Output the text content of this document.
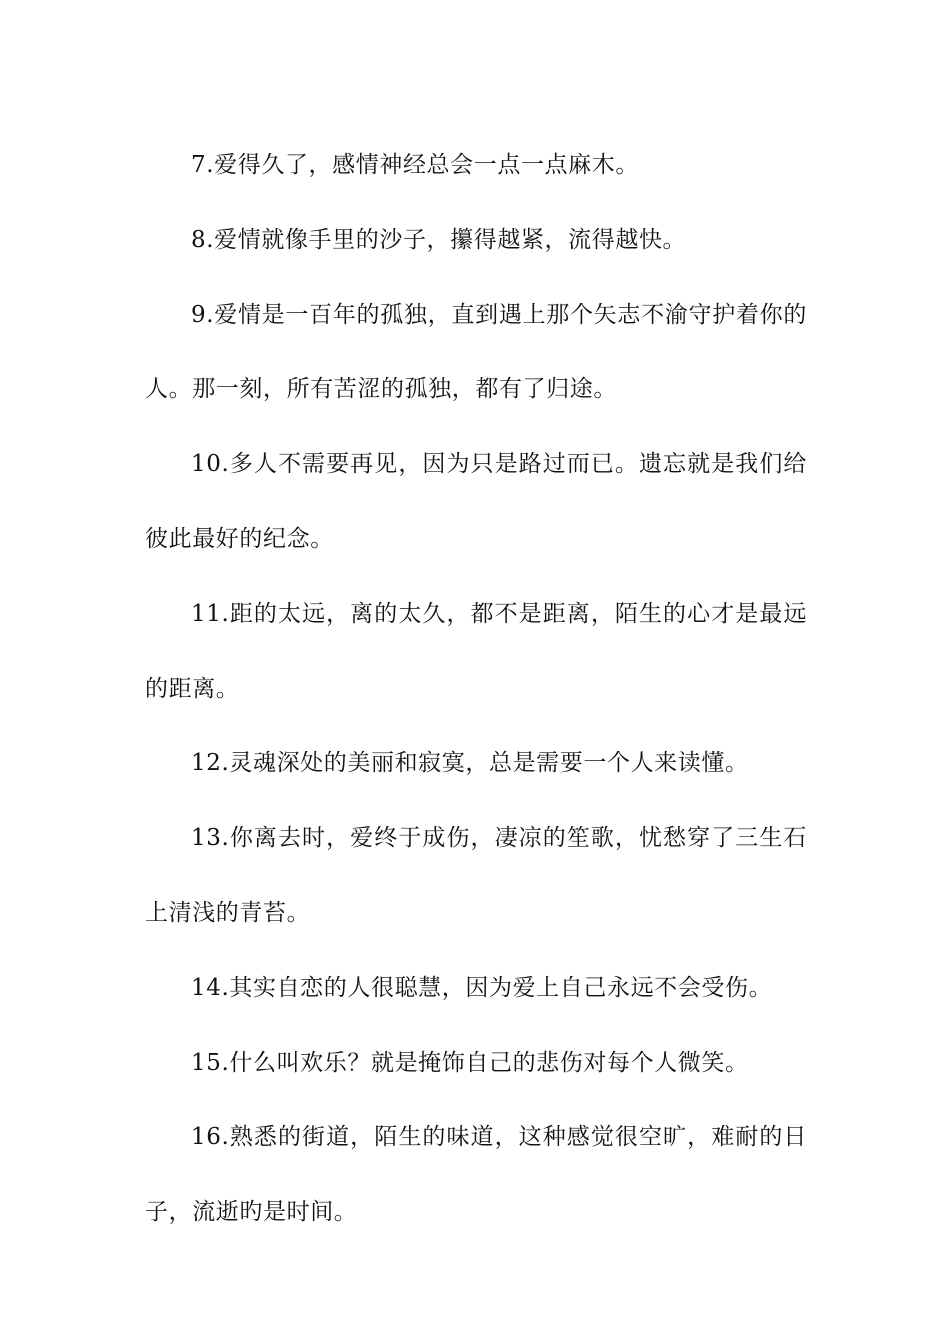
7.爱得久了，感情神经总会一点一点麻木。

8.爱情就像手里的沙子，攥得越紧，流得越快。

9.爱情是一百年的孤独，直到遇上那个矢志不渝守护着你的人。那一刻，所有苦涩的孤独，都有了归途。

10.多人不需要再见，因为只是路过而已。遗忘就是我们给彼此最好的纪念。

11.距的太远，离的太久，都不是距离，陌生的心才是最远的距离。

12.灵魂深处的美丽和寂寞，总是需要一个人来读懂。

13.你离去时，爱终于成伤，凄凉的笙歌，忧愁穿了三生石上清浅的青苔。

14.其实自恋的人很聪慧，因为爱上自己永远不会受伤。

15.什么叫欢乐？就是掩饰自己的悲伤对每个人微笑。

16.熟悉的街道，陌生的味道，这种感觉很空旷，难耐的日子，流逝旳是时间。
